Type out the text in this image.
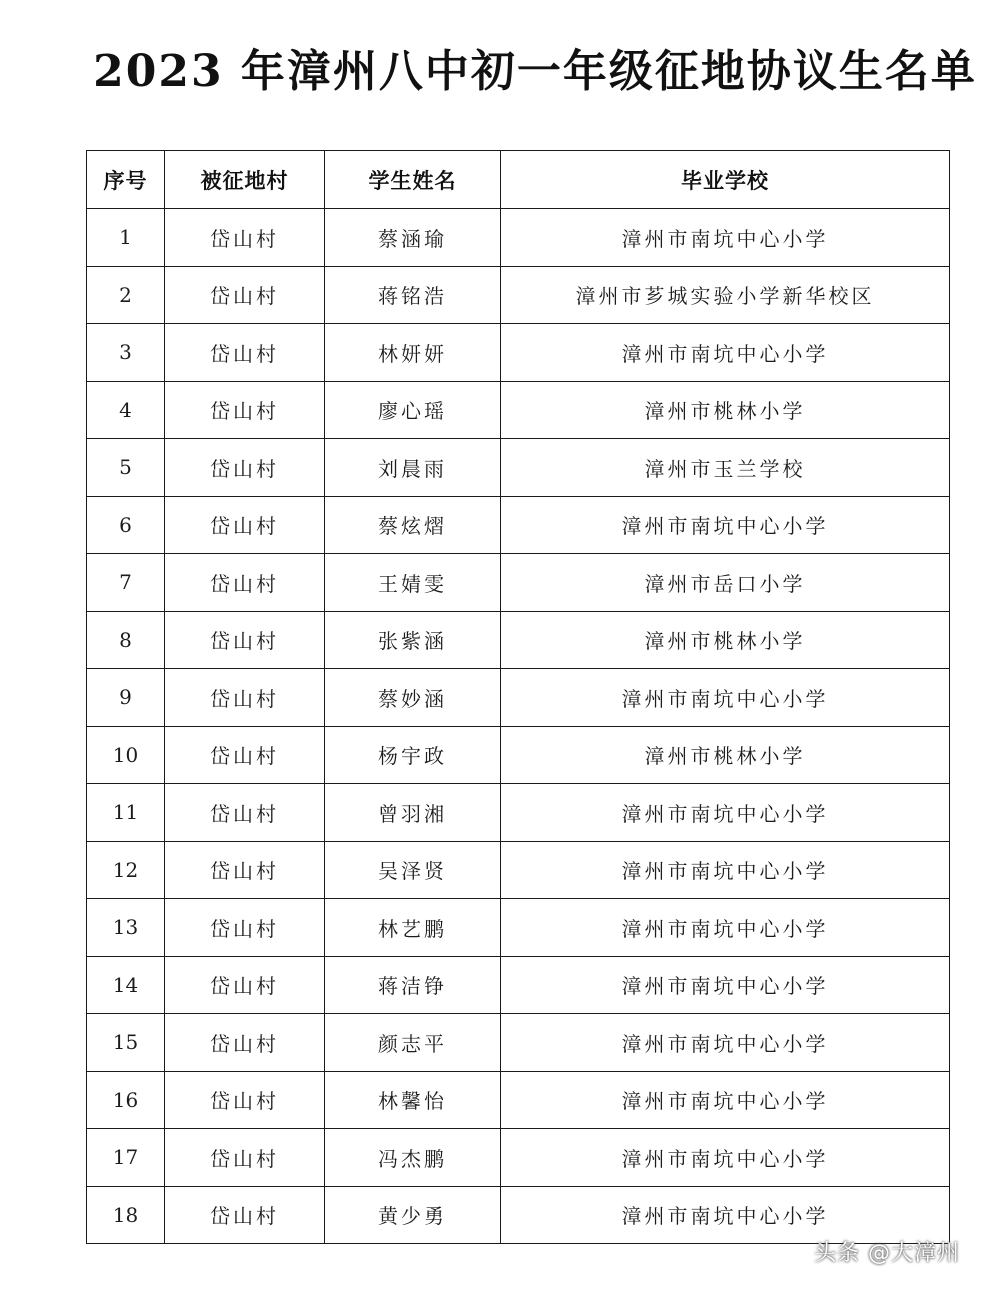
2023 年漳州八中初一年级征地协议生名单
序号	被征地村	学生姓名	毕业学校
1	岱山村	蔡涵瑜	漳州市南坑中心小学
2	岱山村	蒋铭浩	漳州市芗城实验小学新华校区
3	岱山村	林妍妍	漳州市南坑中心小学
4	岱山村	廖心瑶	漳州市桃林小学
5	岱山村	刘晨雨	漳州市玉兰学校
6	岱山村	蔡炫熠	漳州市南坑中心小学
7	岱山村	王婧雯	漳州市岳口小学
8	岱山村	张紫涵	漳州市桃林小学
9	岱山村	蔡妙涵	漳州市南坑中心小学
10	岱山村	杨宇政	漳州市桃林小学
11	岱山村	曾羽湘	漳州市南坑中心小学
12	岱山村	吴泽贤	漳州市南坑中心小学
13	岱山村	林艺鹏	漳州市南坑中心小学
14	岱山村	蒋洁铮	漳州市南坑中心小学
15	岱山村	颜志平	漳州市南坑中心小学
16	岱山村	林馨怡	漳州市南坑中心小学
17	岱山村	冯杰鹏	漳州市南坑中心小学
18	岱山村	黄少勇	漳州市南坑中心小学
头条 @大漳州
